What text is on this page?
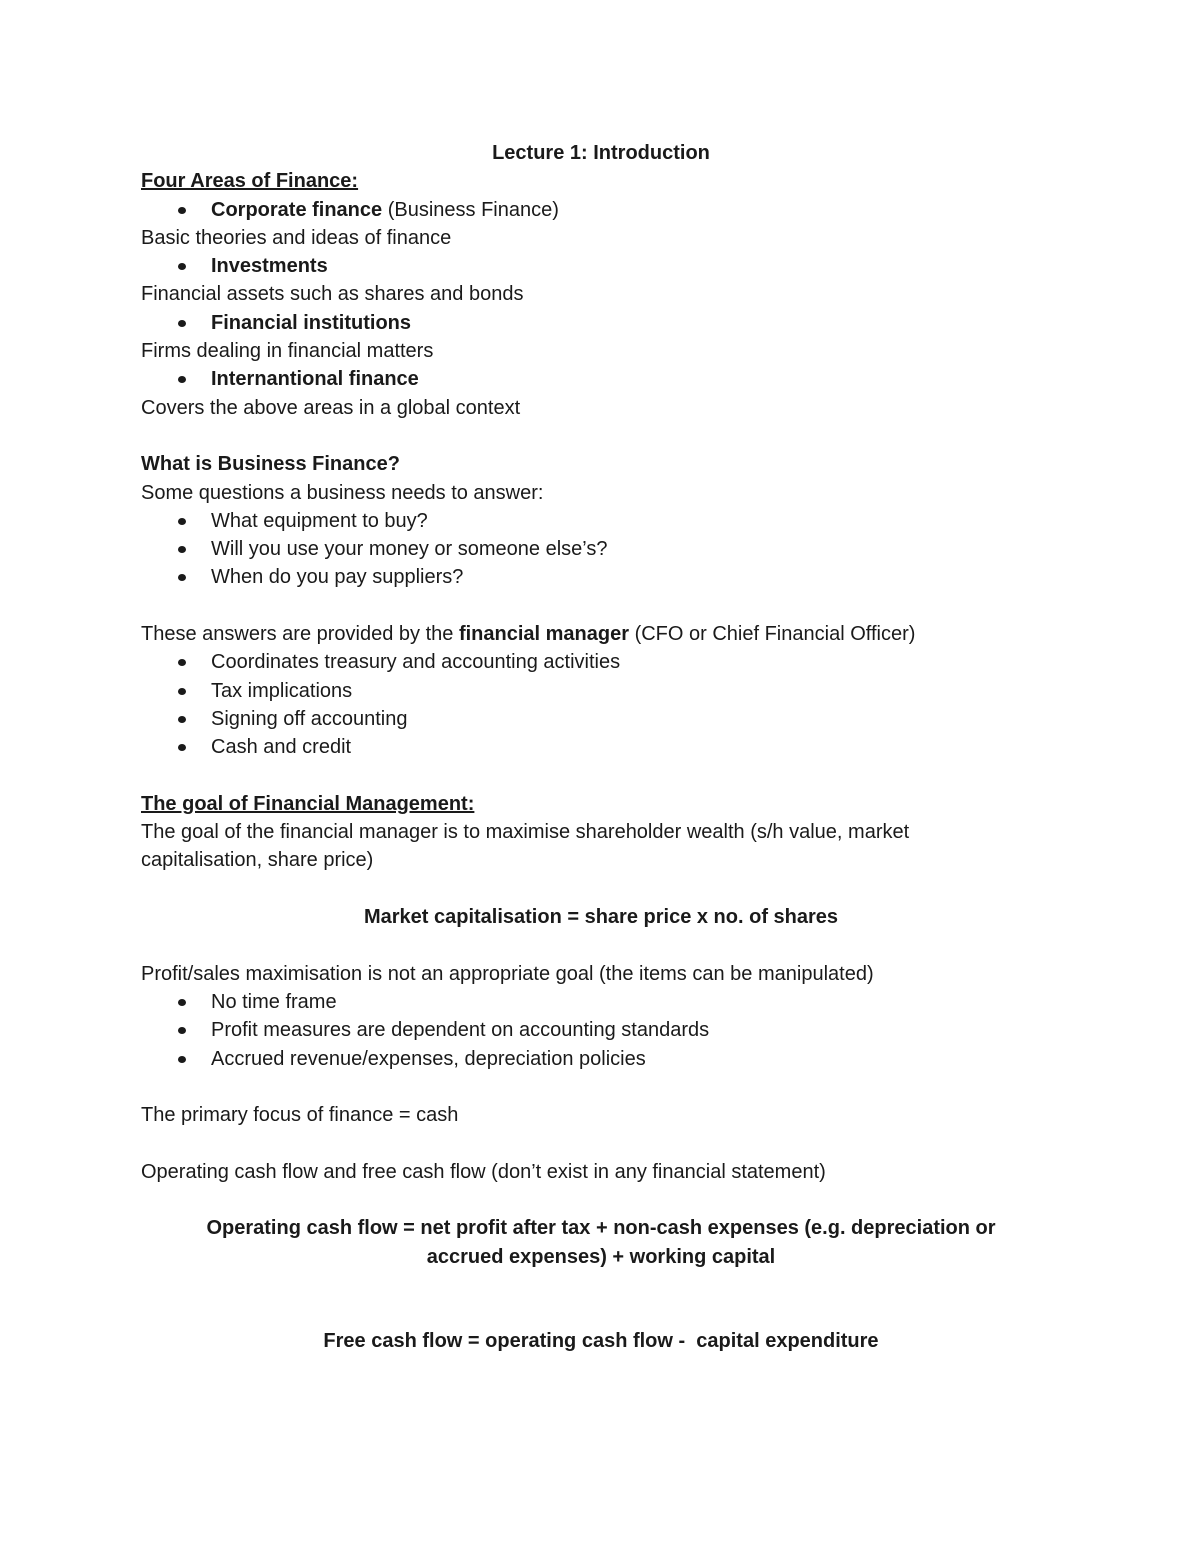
Lecture 1: Introduction

Four Areas of Finance:

Corporate finance (Business Finance)

Basic theories and ideas of finance

Investments

Financial assets such as shares and bonds

Financial institutions

Firms dealing in financial matters

Internantional finance

Covers the above areas in a global context

What is Business Finance?

Some questions a business needs to answer:

What equipment to buy?
Will you use your money or someone else’s?
When do you pay suppliers?

These answers are provided by the financial manager (CFO or Chief Financial Officer)

Coordinates treasury and accounting activities
Tax implications
Signing off accounting
Cash and credit

The goal of Financial Management:

The goal of the financial manager is to maximise shareholder wealth (s/h value, market

capitalisation, share price)

Market capitalisation = share price x no. of shares

Profit/sales maximisation is not an appropriate goal (the items can be manipulated)

No time frame
Profit measures are dependent on accounting standards
Accrued revenue/expenses, depreciation policies

The primary focus of finance = cash

Operating cash flow and free cash flow (don’t exist in any financial statement)

Operating cash flow = net profit after tax + non-cash expenses (e.g. depreciation or

accrued expenses) + working capital

Free cash flow = operating cash flow -  capital expenditure
